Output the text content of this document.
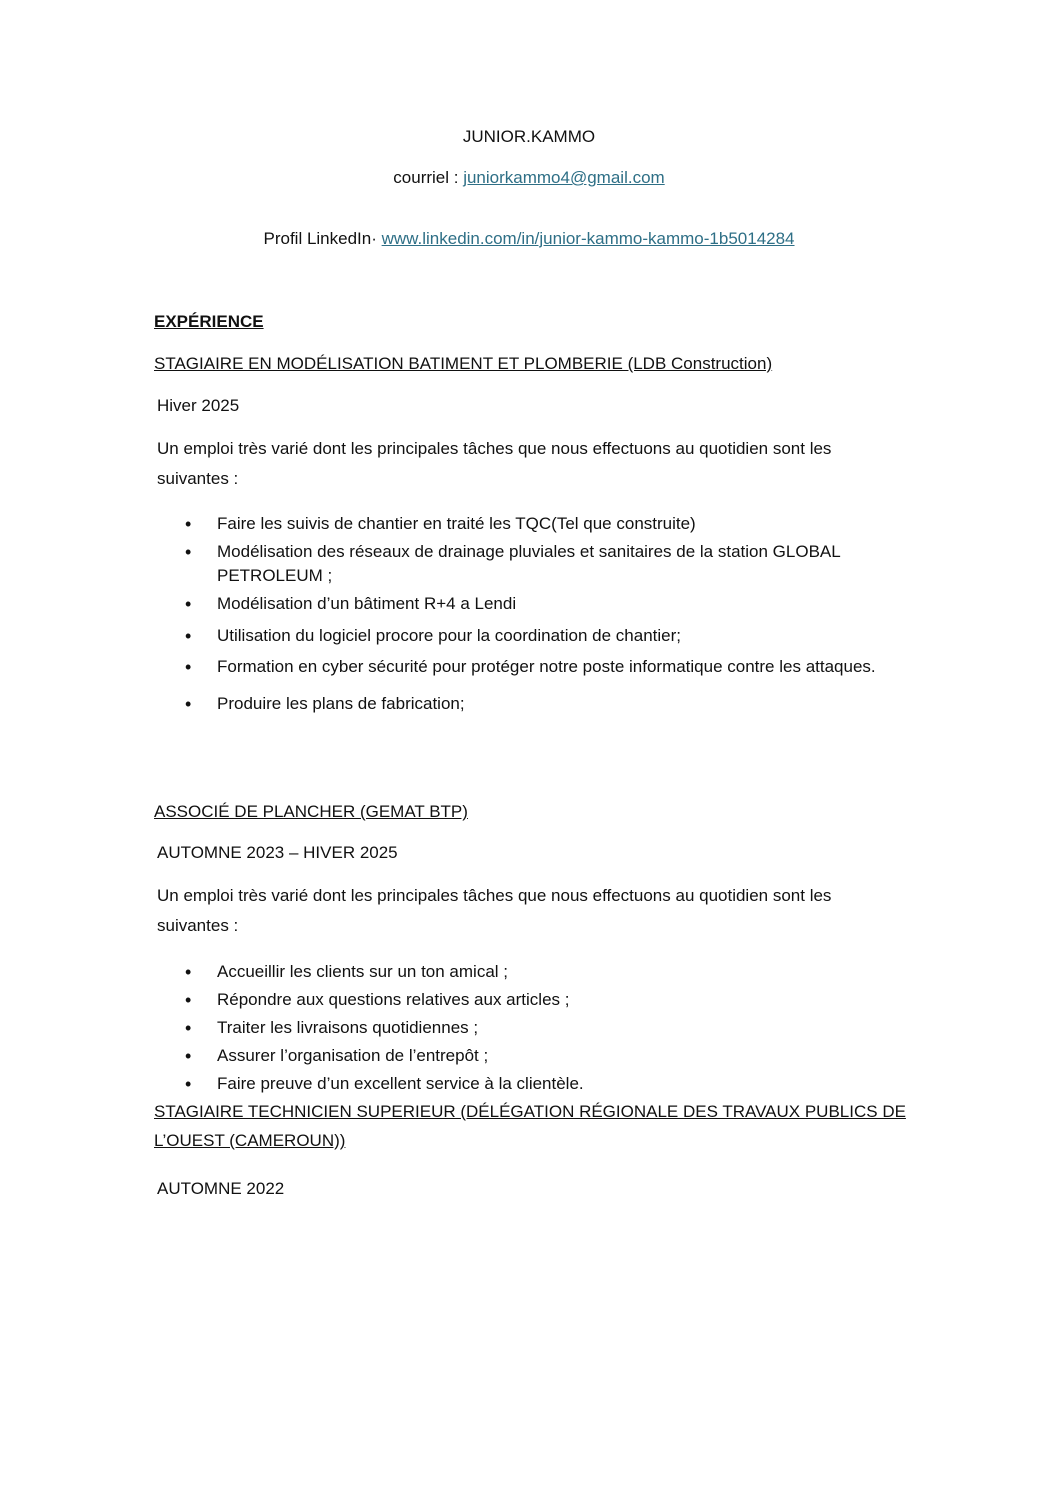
JUNIOR.KAMMO
courriel : juniorkammo4@gmail.com
Profil LinkedIn· www.linkedin.com/in/junior-kammo-kammo-1b5014284
EXPÉRIENCE
STAGIAIRE EN MODÉLISATION BATIMENT ET PLOMBERIE (LDB Construction)
Hiver 2025
Un emploi très varié dont les principales tâches que nous effectuons au quotidien sont les suivantes :
• Faire les suivis de chantier en traité les TQC(Tel que construite)
• Modélisation des réseaux de drainage pluviales et sanitaires de la station GLOBAL PETROLEUM ;
• Modélisation d’un bâtiment R+4 a Lendi
• Utilisation du logiciel procore pour la coordination de chantier;
• Formation en cyber sécurité pour protéger notre poste informatique contre les attaques.
• Produire les plans de fabrication;
ASSOCIÉ DE PLANCHER (GEMAT BTP)
AUTOMNE 2023 – HIVER 2025
Un emploi très varié dont les principales tâches que nous effectuons au quotidien sont les suivantes :
• Accueillir les clients sur un ton amical ;
• Répondre aux questions relatives aux articles ;
• Traiter les livraisons quotidiennes ;
• Assurer l’organisation de l’entrepôt ;
• Faire preuve d’un excellent service à la clientèle.
STAGIAIRE TECHNICIEN SUPERIEUR (DÉLÉGATION RÉGIONALE DES TRAVAUX PUBLICS DE
L’OUEST (CAMEROUN))
AUTOMNE 2022
